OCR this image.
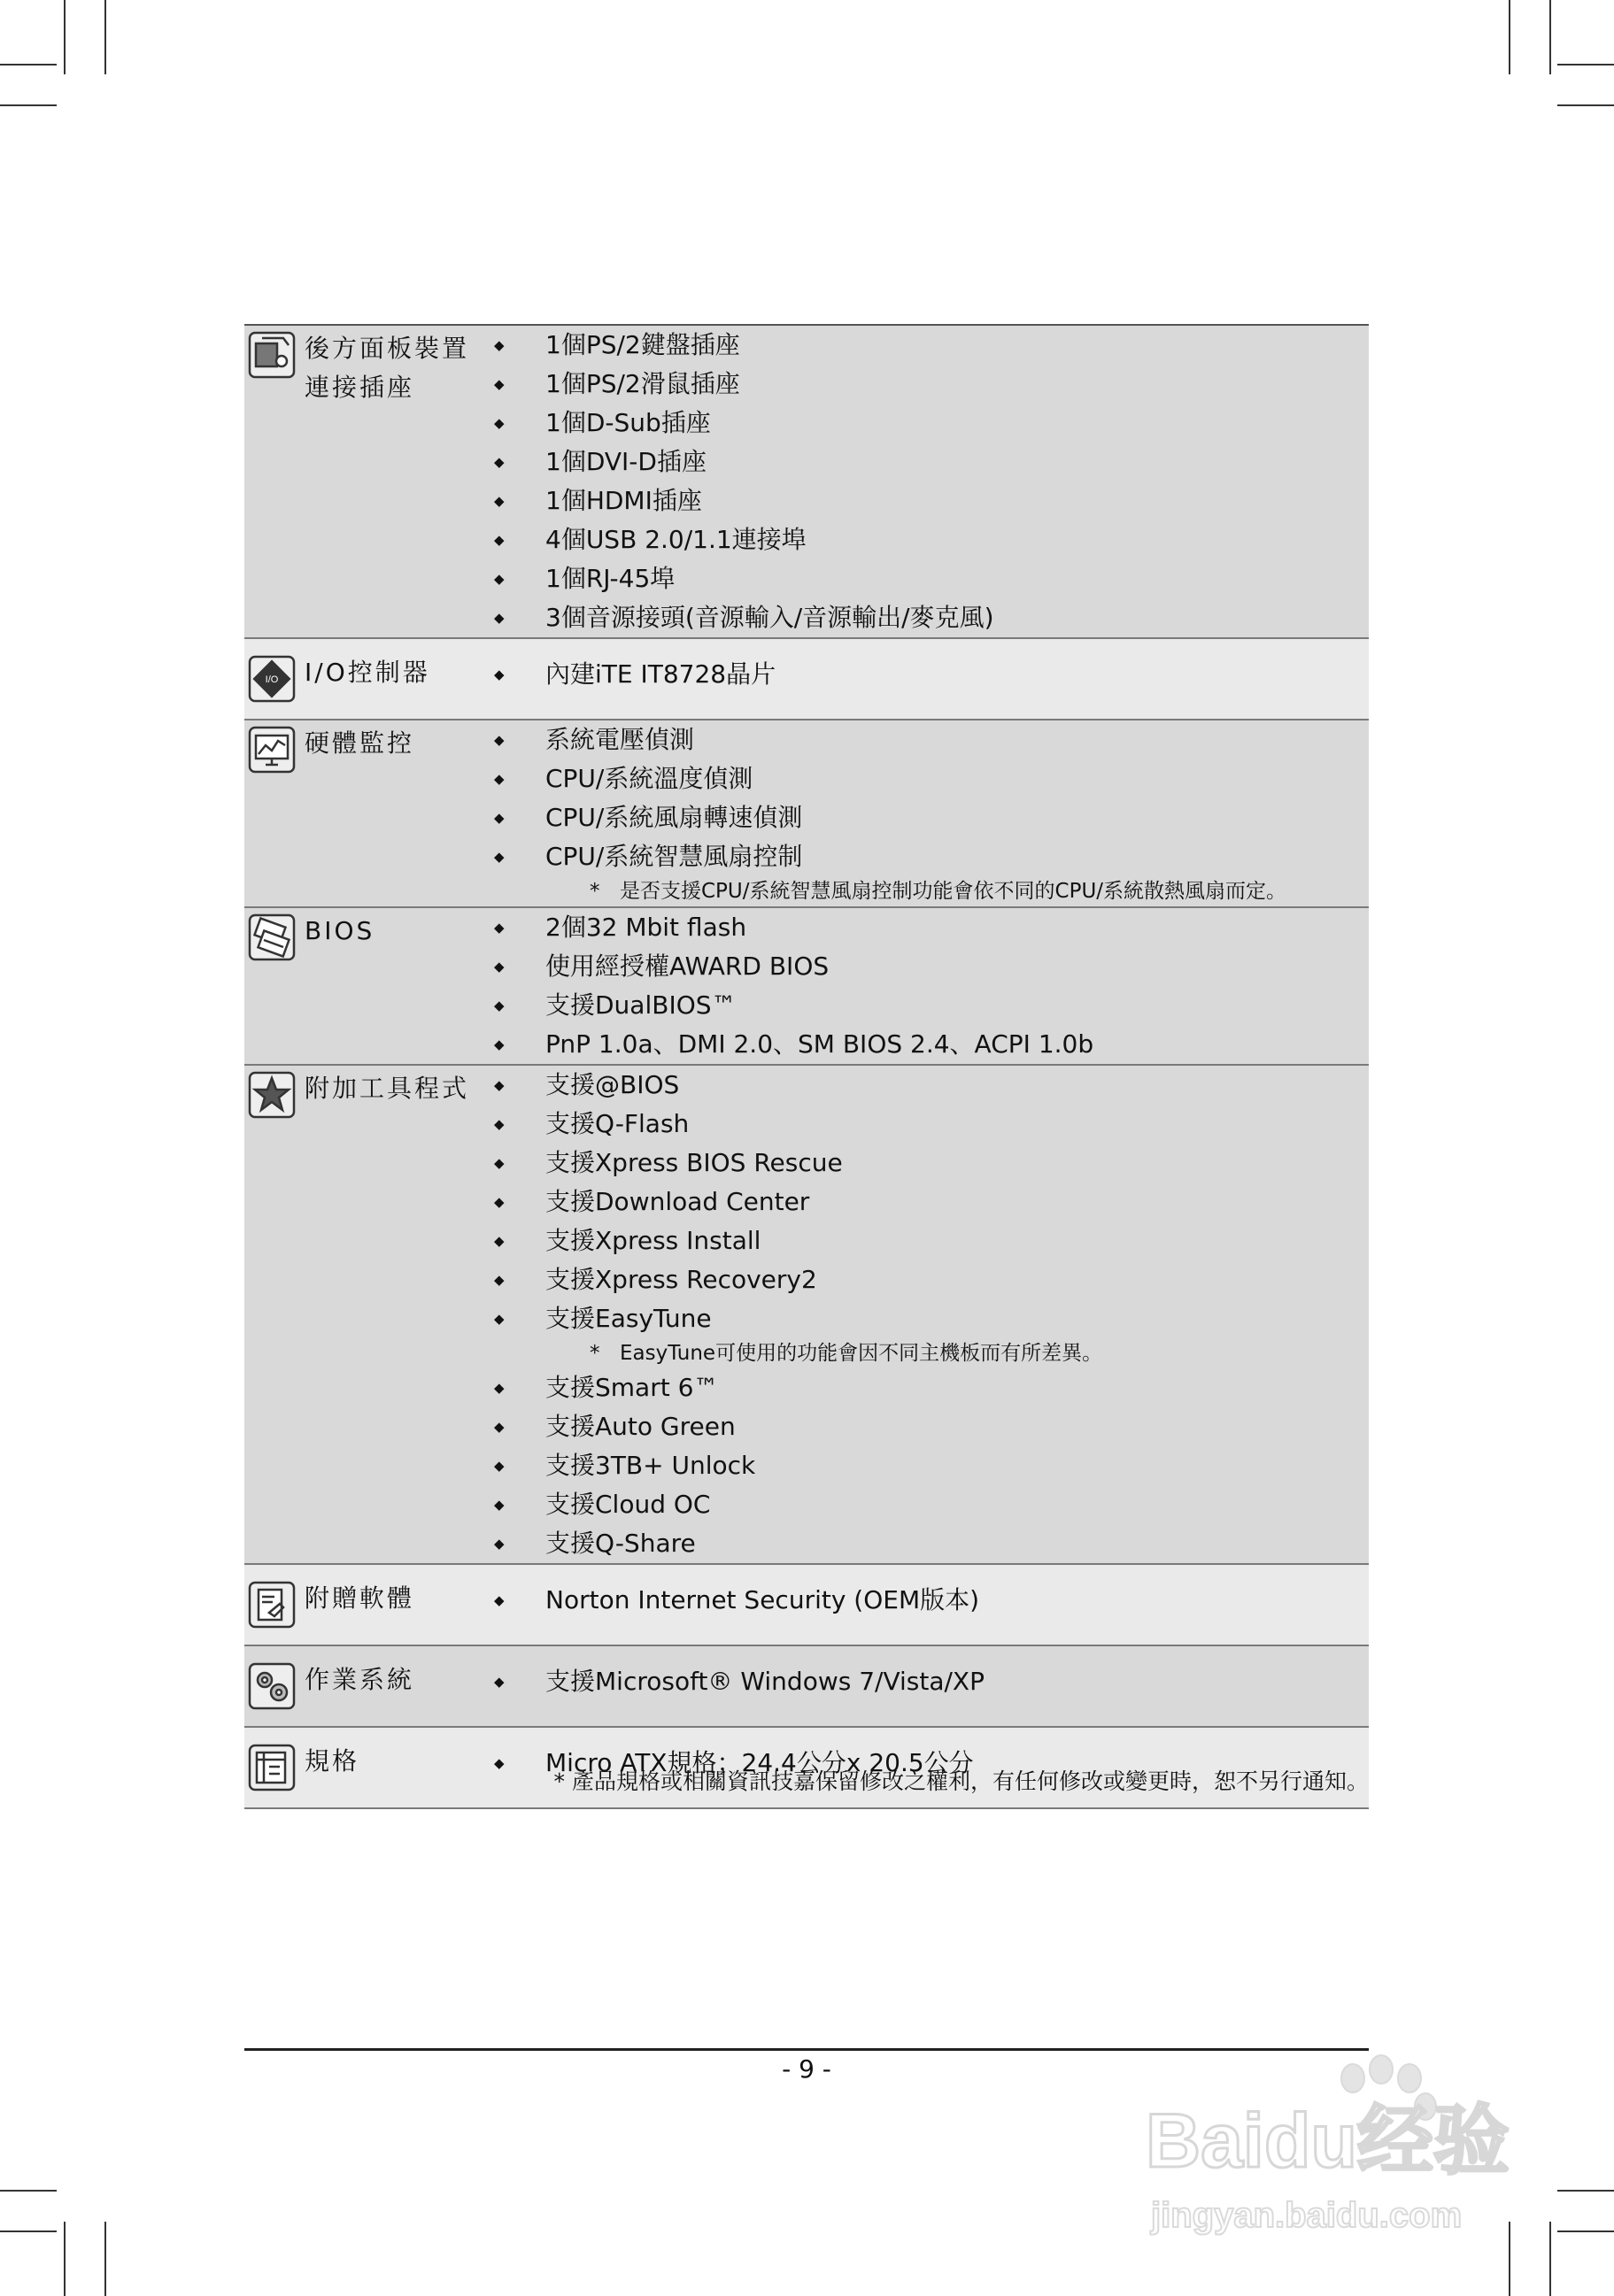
後方面板裝置
連接插座
◆ 1個PS/2鍵盤插座
◆ 1個PS/2滑鼠插座
◆ 1個D-Sub插座
◆ 1個DVI-D插座
◆ 1個HDMI插座
◆ 4個USB 2.0/1.1連接埠
◆ 1個RJ-45埠
◆ 3個音源接頭(音源輸入/音源輸出/麥克風)
I/O I/O控制器	◆ 內建iTE IT8728晶片
硬體監控	◆ 系統電壓偵測
◆ CPU/系統溫度偵測
◆ CPU/系統風扇轉速偵測
◆ CPU/系統智慧風扇控制
* 是否支援CPU/系統智慧風扇控制功能會依不同的CPU/系統散熱風扇而定。
BIOS	◆ 2個32 Mbit flash
◆ 使用經授權AWARD BIOS
◆ 支援DualBIOS™
◆ PnP 1.0a、DMI 2.0、SM BIOS 2.4、ACPI 1.0b
附加工具程式	◆ 支援@BIOS
◆ 支援Q-Flash
◆ 支援Xpress BIOS Rescue
◆ 支援Download Center
◆ 支援Xpress Install
◆ 支援Xpress Recovery2
◆ 支援EasyTune
* EasyTune可使用的功能會因不同主機板而有所差異。
◆ 支援Smart 6™
◆ 支援Auto Green
◆ 支援3TB+ Unlock
◆ 支援Cloud OC
◆ 支援Q-Share
附贈軟體	◆ Norton Internet Security (OEM版本)
作業系統	◆ 支援Microsoft® Windows 7/Vista/XP
規格	◆ Micro ATX規格；24.4公分x 20.5公分
* 產品規格或相關資訊技嘉保留修改之權利，有任何修改或變更時，恕不另行通知。
- 9 -
Baidu经验
jingyan.baidu.com
